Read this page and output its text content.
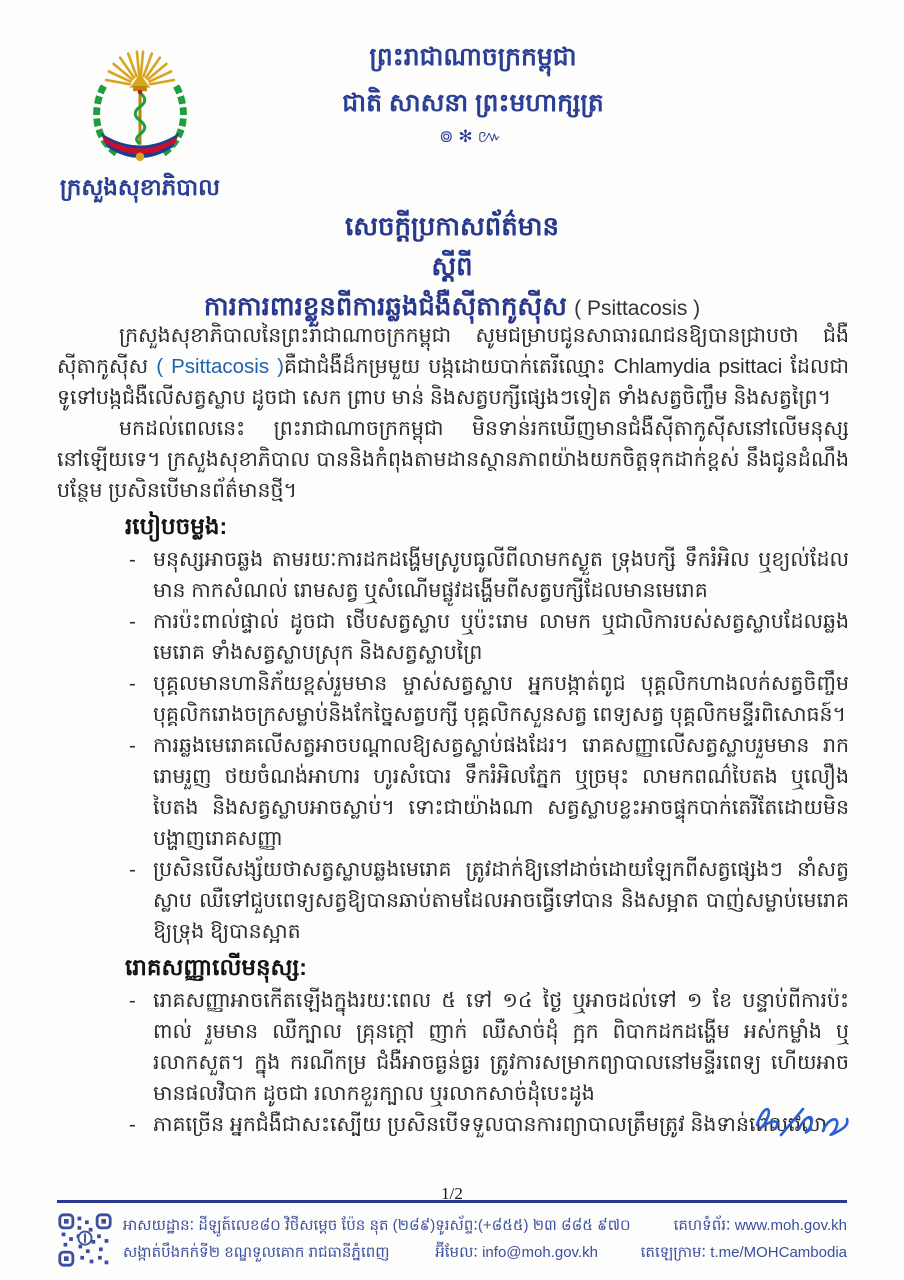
ក្រសួងសុខាភិបាល
ព្រះរាជាណាចក្រកម្ពុជា
ជាតិ សាសនា ព្រះមហាក្សត្រ
៙✻៚
សេចក្តីប្រកាសព័ត៌មាន
ស្តីពី
ការការពារខ្លួនពីការឆ្លងជំងឺស៊ីតាកូស៊ីស ( Psittacosis )

ក្រសួងសុខាភិបាលនៃព្រះរាជាណាចក្រកម្ពុជា សូមជម្រាបជូនសាធារណជនឱ្យបានជ្រាបថា ជំងឺស៊ីតាកូស៊ីស ( Psittacosis )គឺជាជំងឺដ៏កម្រមួយ បង្កដោយបាក់តេរីឈ្មោះ Chlamydia psittaci ដែលជាទូទៅបង្កជំងឺលើសត្វស្លាប ដូចជា សេក ព្រាប មាន់ និងសត្វបក្សីផ្សេងៗទៀត ទាំងសត្វចិញ្ចឹម និងសត្វព្រៃ។

មកដល់ពេលនេះ ព្រះរាជាណាចក្រកម្ពុជា មិនទាន់រកឃើញមានជំងឺស៊ីតាកូស៊ីសនៅលើមនុស្សនៅឡើយទេ។ ក្រសួងសុខាភិបាល បាននិងកំពុងតាមដានស្ថានភាពយ៉ាងយកចិត្តទុកដាក់ខ្ពស់ នឹងជូនដំណឹងបន្ថែម ប្រសិនបើមានព័ត៌មានថ្មី។

របៀបចម្លង:
- មនុស្សអាចឆ្លង តាមរយៈការដកដង្ហើមស្រូបធូលីពីលាមកស្ងួត ទ្រុងបក្សី ទឹករំអិល ឬខ្យល់ដែលមាន កាកសំណល់ រោមសត្វ ឬសំណើមផ្លូវដង្ហើមពីសត្វបក្សីដែលមានមេរោគ
- ការប៉ះពាល់ផ្ទាល់ ដូចជា ថើបសត្វស្លាប ឬប៉ះរោម លាមក ឬជាលិការបស់សត្វស្លាបដែលឆ្លងមេរោគ ទាំងសត្វស្លាបស្រុក និងសត្វស្លាបព្រៃ
- បុគ្គលមានហានិភ័យខ្ពស់រួមមាន ម្ចាស់សត្វស្លាប អ្នកបង្កាត់ពូជ បុគ្គលិកហាងលក់សត្វចិញ្ចឹម បុគ្គលិករោងចក្រសម្លាប់និងកែច្នៃសត្វបក្សី បុគ្គលិកសួនសត្វ ពេទ្យសត្វ បុគ្គលិកមន្ទីរពិសោធន៍។
- ការឆ្លងមេរោគលើសត្វអាចបណ្តាលឱ្យសត្វស្លាប់ផងដែរ។ រោគសញ្ញាលើសត្វស្លាបរួមមាន រាក រោមរួញ ថយចំណង់អាហារ ហូរសំបោរ ទឹករំអិលភ្នែក ឬច្រមុះ លាមកពណ៌បៃតង ឬលឿងបៃតង និងសត្វស្លាបអាចស្លាប់។ ទោះជាយ៉ាងណា សត្វស្លាបខ្លះអាចផ្ទុកបាក់តេរីតែដោយមិនបង្ហាញរោគសញ្ញា
- ប្រសិនបើសង្ស័យថាសត្វស្លាបឆ្លងមេរោគ ត្រូវដាក់ឱ្យនៅដាច់ដោយឡែកពីសត្វផ្សេងៗ នាំសត្វស្លាប ឈឺទៅជួបពេទ្យសត្វឱ្យបានឆាប់តាមដែលអាចធ្វើទៅបាន និងសម្អាត បាញ់សម្លាប់មេរោគឱ្យទ្រុង ឱ្យបានស្អាត
រោគសញ្ញាលើមនុស្ស:
- រោគសញ្ញាអាចកើតឡើងក្នុងរយៈពេល ៥ ទៅ ១៤ ថ្ងៃ ឬអាចដល់ទៅ ១ ខែ បន្ទាប់ពីការប៉ះពាល់ រួមមាន ឈឺក្បាល គ្រុនក្តៅ ញាក់ ឈឺសាច់ដុំ ក្អក ពិបាកដកដង្ហើម អស់កម្លាំង ឬ រលាកសួត។ ក្នុង ករណីកម្រ ជំងឺអាចធ្ងន់ធ្ងរ ត្រូវការសម្រាកព្យាបាលនៅមន្ទីរពេទ្យ ហើយអាចមានផលវិបាក ដូចជា រលាកខួរក្បាល ឬរលាកសាច់ដុំបេះដូង
- ភាគច្រើន អ្នកជំងឺជាសះស្បើយ ប្រសិនបើទទួលបានការព្យាបាលត្រឹមត្រូវ និងទាន់ពេលវេលា
1/2
អាសយដ្ឋានៈ ដីឡូត៍លេខ៨០ វិថីសម្តេច ប៉ែន នុត (២៨៩)
សង្កាត់បឹងកក់ទី២ ខណ្ឌទួលគោក រាជធានីភ្នំពេញ
ទូរស័ព្ទៈ(+៨៥៥) ២៣ ៨៨៥ ៩៧០
អ៊ីមែលៈ info@moh.gov.kh
គេហទំព័រៈ www.moh.gov.kh
តេឡេក្រាមៈ t.me/MOHCambodia
